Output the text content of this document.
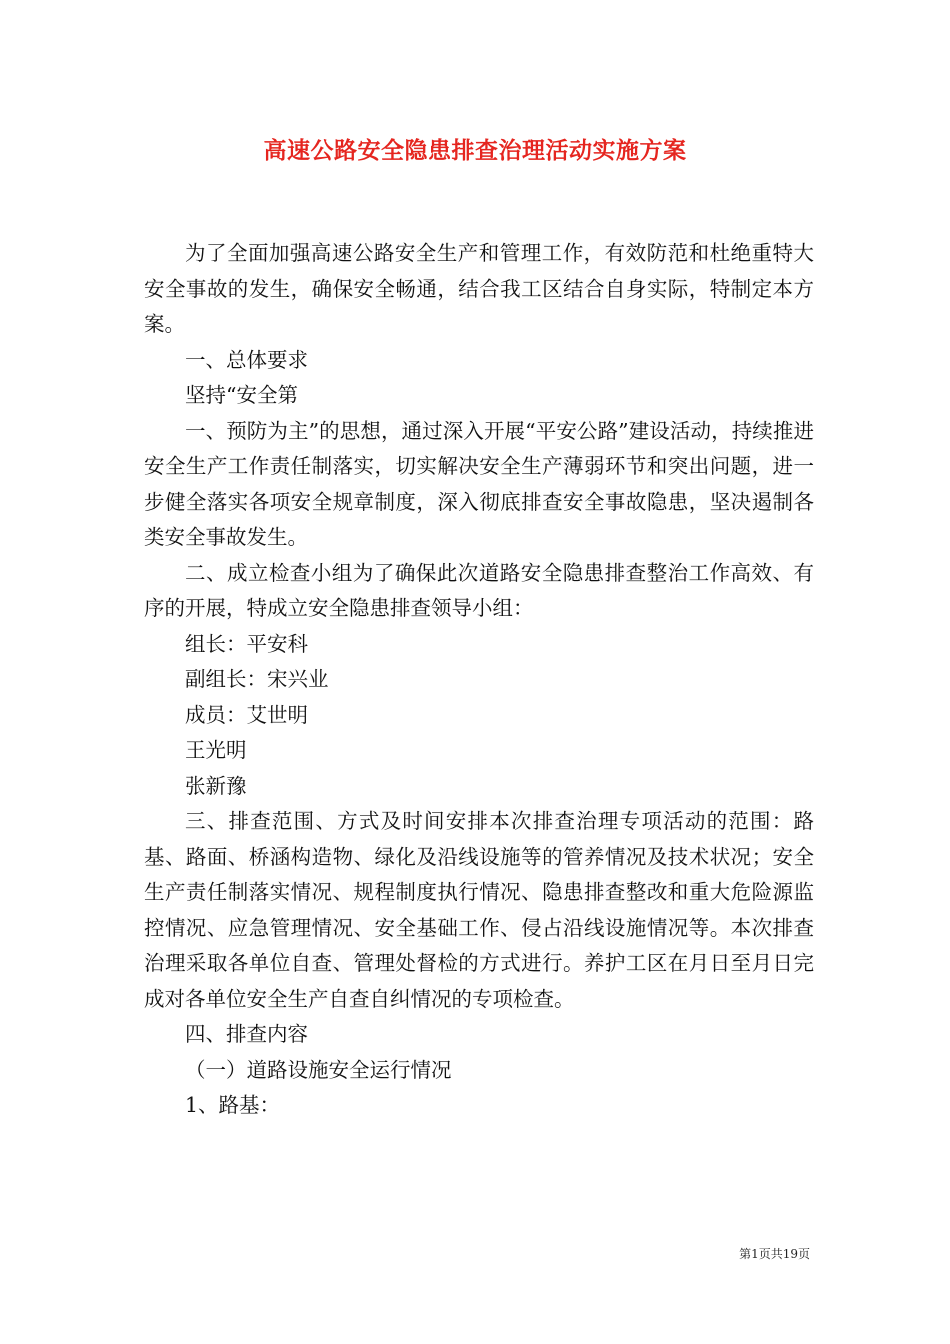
高速公路安全隐患排查治理活动实施方案

为了全面加强高速公路安全生产和管理工作，有效防范和杜绝重特大安全事故的发生，确保安全畅通，结合我工区结合自身实际，特制定本方案。

一、总体要求

坚持“安全第

一、预防为主”的思想，通过深入开展“平安公路”建设活动，持续推进安全生产工作责任制落实，切实解决安全生产薄弱环节和突出问题，进一步健全落实各项安全规章制度，深入彻底排查安全事故隐患，坚决遏制各类安全事故发生。

二、成立检查小组为了确保此次道路安全隐患排查整治工作高效、有序的开展，特成立安全隐患排查领导小组：

组长：平安科

副组长：宋兴业

成员：艾世明

王光明

张新豫

三、排查范围、方式及时间安排本次排查治理专项活动的范围：路基、路面、桥涵构造物、绿化及沿线设施等的管养情况及技术状况；安全生产责任制落实情况、规程制度执行情况、隐患排查整改和重大危险源监控情况、应急管理情况、安全基础工作、侵占沿线设施情况等。本次排查治理采取各单位自查、管理处督检的方式进行。养护工区在月日至月日完成对各单位安全生产自查自纠情况的专项检查。

四、排查内容

（一）道路设施安全运行情况

1、路基：

第1页共19页
